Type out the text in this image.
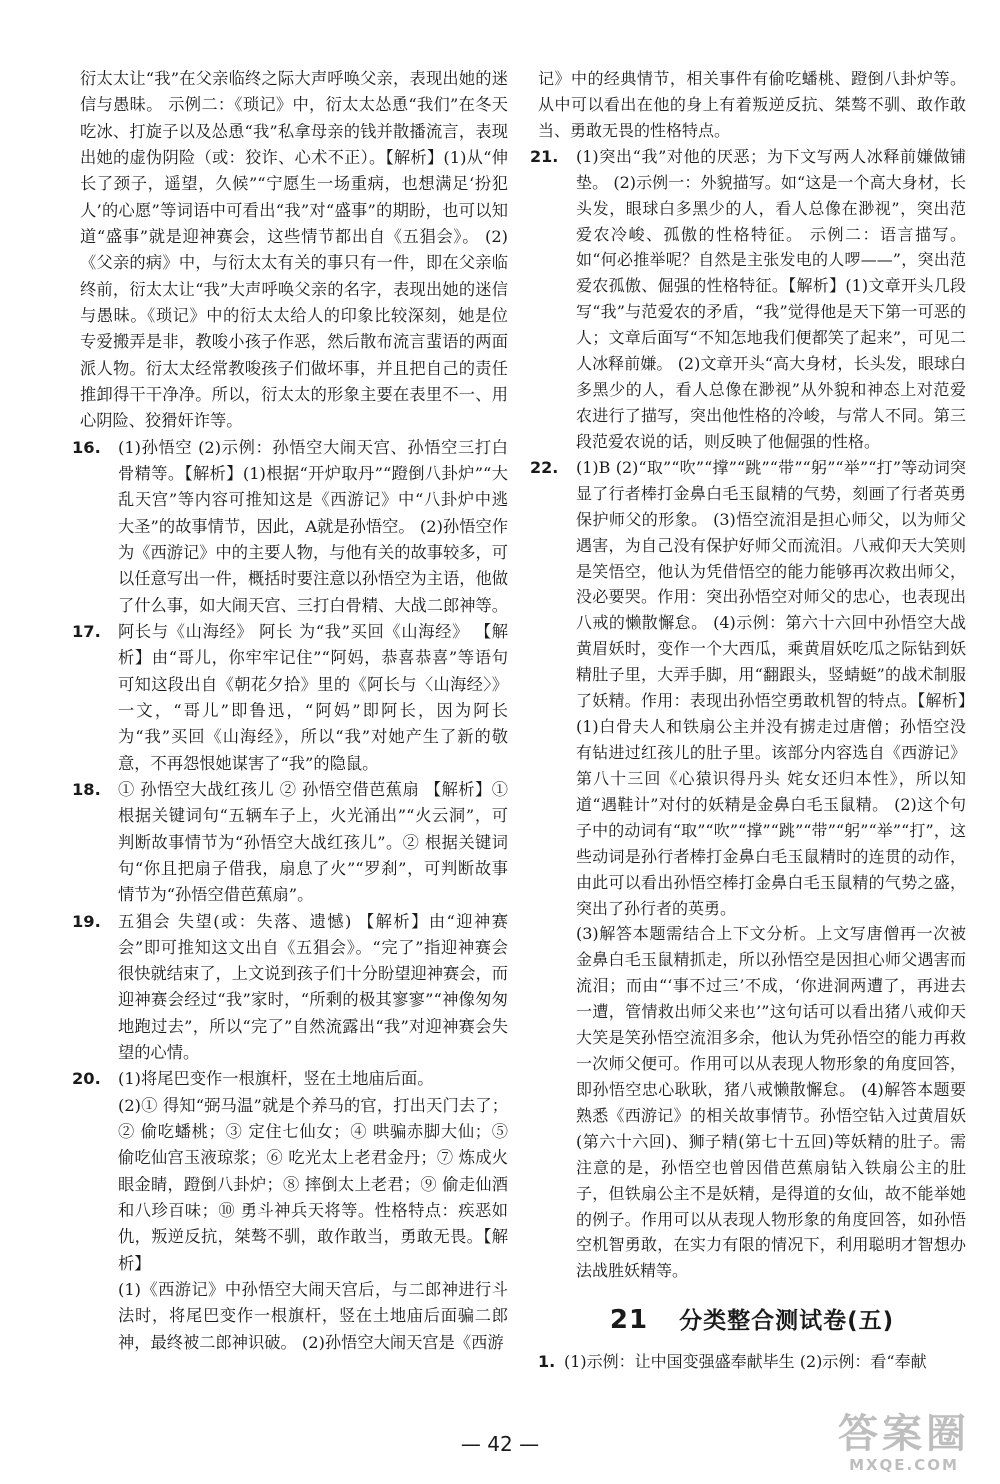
衍太太让“我”在父亲临终之际大声呼唤父亲，表现出她的迷信与愚昧。 示例二：《琐记》中，衍太太怂恿“我们”在冬天吃冰、打旋子以及怂恿“我”私拿母亲的钱并散播流言，表现出她的虚伪阴险（或：狡诈、心术不正）。【解析】(1)从“伸长了颈子，遥望，久候”“宁愿生一场重病，也想满足‘扮犯人’的心愿”等词语中可看出“我”对“盛事”的期盼，也可以知道“盛事”就是迎神赛会，这些情节都出自《五猖会》。 (2)《父亲的病》中，与衍太太有关的事只有一件，即在父亲临终前，衍太太让“我”大声呼唤父亲的名字，表现出她的迷信与愚昧。《琐记》中的衍太太给人的印象比较深刻，她是位专爱搬弄是非，教唆小孩子作恶，然后散布流言蜚语的两面派人物。衍太太经常教唆孩子们做坏事，并且把自己的责任推卸得干干净净。所以，衍太太的形象主要在表里不一、用心阴险、狡猾奸诈等。

16. (1)孙悟空 (2)示例：孙悟空大闹天宫、孙悟空三打白骨精等。【解析】(1)根据“开炉取丹”“蹬倒八卦炉”“大乱天宫”等内容可推知这是《西游记》中“八卦炉中逃大圣”的故事情节，因此，A就是孙悟空。 (2)孙悟空作为《西游记》中的主要人物，与他有关的故事较多，可以任意写出一件，概括时要注意以孙悟空为主语，他做了什么事，如大闹天宫、三打白骨精、大战二郎神等。

17. 阿长与《山海经》 阿长 为“我”买回《山海经》 【解析】由“哥儿，你牢牢记住”“阿妈，恭喜恭喜”等语句可知这段出自《朝花夕拾》里的《阿长与〈山海经〉》一文，“哥儿”即鲁迅，“阿妈”即阿长，因为阿长为“我”买回《山海经》，所以“我”对她产生了新的敬意，不再怨恨她谋害了“我”的隐鼠。

18. ① 孙悟空大战红孩儿 ② 孙悟空借芭蕉扇 【解析】① 根据关键词句“五辆车子上，火光涌出”“火云洞”，可判断故事情节为“孙悟空大战红孩儿”。② 根据关键词句“你且把扇子借我，扇息了火”“罗刹”，可判断故事情节为“孙悟空借芭蕉扇”。

19. 五猖会 失望(或：失落、遗憾) 【解析】由“迎神赛会”即可推知这文出自《五猖会》。“完了”指迎神赛会很快就结束了，上文说到孩子们十分盼望迎神赛会，而迎神赛会经过“我”家时，“所剩的极其寥寥”“神像匆匆地跑过去”，所以“完了”自然流露出“我”对迎神赛会失望的心情。

20. (1)将尾巴变作一根旗杆，竖在土地庙后面。

(2)① 得知“弼马温”就是个养马的官，打出天门去了；② 偷吃蟠桃；③ 定住七仙女；④ 哄骗赤脚大仙；⑤ 偷吃仙宫玉液琼浆；⑥ 吃光太上老君金丹；⑦ 炼成火眼金睛，蹬倒八卦炉；⑧ 摔倒太上老君；⑨ 偷走仙酒和八珍百味；⑩ 勇斗神兵天将等。性格特点：疾恶如仇，叛逆反抗，桀骜不驯，敢作敢当，勇敢无畏。【解析】

(1)《西游记》中孙悟空大闹天宫后，与二郎神进行斗法时，将尾巴变作一根旗杆，竖在土地庙后面骗二郎神，最终被二郎神识破。 (2)孙悟空大闹天宫是《西游

记》中的经典情节，相关事件有偷吃蟠桃、蹬倒八卦炉等。从中可以看出在他的身上有着叛逆反抗、桀骜不驯、敢作敢当、勇敢无畏的性格特点。

21. (1)突出“我”对他的厌恶；为下文写两人冰释前嫌做铺垫。 (2)示例一：外貌描写。如“这是一个高大身材，长头发，眼球白多黑少的人，看人总像在渺视”，突出范爱农冷峻、孤傲的性格特征。 示例二：语言描写。如“何必推举呢？自然是主张发电的人啰——”，突出范爱农孤傲、倔强的性格特征。【解析】(1)文章开头几段写“我”与范爱农的矛盾，“我”觉得他是天下第一可恶的人；文章后面写“不知怎地我们便都笑了起来”，可见二人冰释前嫌。 (2)文章开头“高大身材，长头发，眼球白多黑少的人，看人总像在渺视”从外貌和神态上对范爱农进行了描写，突出他性格的冷峻，与常人不同。第三段范爱农说的话，则反映了他倔强的性格。

22. (1)B (2)“取”“吹”“撑”“跳”“带”“躬”“举”“打”等动词突显了行者棒打金鼻白毛玉鼠精的气势，刻画了行者英勇保护师父的形象。 (3)悟空流泪是担心师父，以为师父遇害，为自己没有保护好师父而流泪。八戒仰天大笑则是笑悟空，他认为凭借悟空的能力能够再次救出师父，没必要哭。作用：突出孙悟空对师父的忠心，也表现出八戒的懒散懈怠。 (4)示例：第六十六回中孙悟空大战黄眉妖时，变作一个大西瓜，乘黄眉妖吃瓜之际钻到妖精肚子里，大弄手脚，用“翻跟头，竖蜻蜓”的战术制服了妖精。作用：表现出孙悟空勇敢机智的特点。【解析】(1)白骨夫人和铁扇公主并没有掳走过唐僧；孙悟空没有钻进过红孩儿的肚子里。该部分内容选自《西游记》第八十三回《心猿识得丹头 姹女还归本性》，所以知道“遇鞋计”对付的妖精是金鼻白毛玉鼠精。 (2)这个句子中的动词有“取”“吹”“撑”“跳”“带”“躬”“举”“打”，这些动词是孙行者棒打金鼻白毛玉鼠精时的连贯的动作，由此可以看出孙悟空棒打金鼻白毛玉鼠精的气势之盛，突出了孙行者的英勇。

(3)解答本题需结合上下文分析。上文写唐僧再一次被金鼻白毛玉鼠精抓走，所以孙悟空是因担心师父遇害而流泪；而由“‘事不过三’不成，‘你进洞两遭了，再进去一遭，管情救出师父来也’”这句话可以看出猪八戒仰天大笑是笑孙悟空流泪多余，他认为凭孙悟空的能力再救一次师父便可。作用可以从表现人物形象的角度回答，即孙悟空忠心耿耿，猪八戒懒散懈怠。 (4)解答本题要熟悉《西游记》的相关故事情节。孙悟空钻入过黄眉妖(第六十六回)、狮子精(第七十五回)等妖精的肚子。需注意的是，孙悟空也曾因借芭蕉扇钻入铁扇公主的肚子，但铁扇公主不是妖精，是得道的女仙，故不能举她的例子。作用可以从表现人物形象的角度回答，如孙悟空机智勇敢，在实力有限的情况下，利用聪明才智想办法战胜妖精等。

21 分类整合测试卷(五)
1. (1)示例：让中国变强盛奉献毕生 (2)示例：看“奉献

— 42 —	答案圈
MXQE.COM
